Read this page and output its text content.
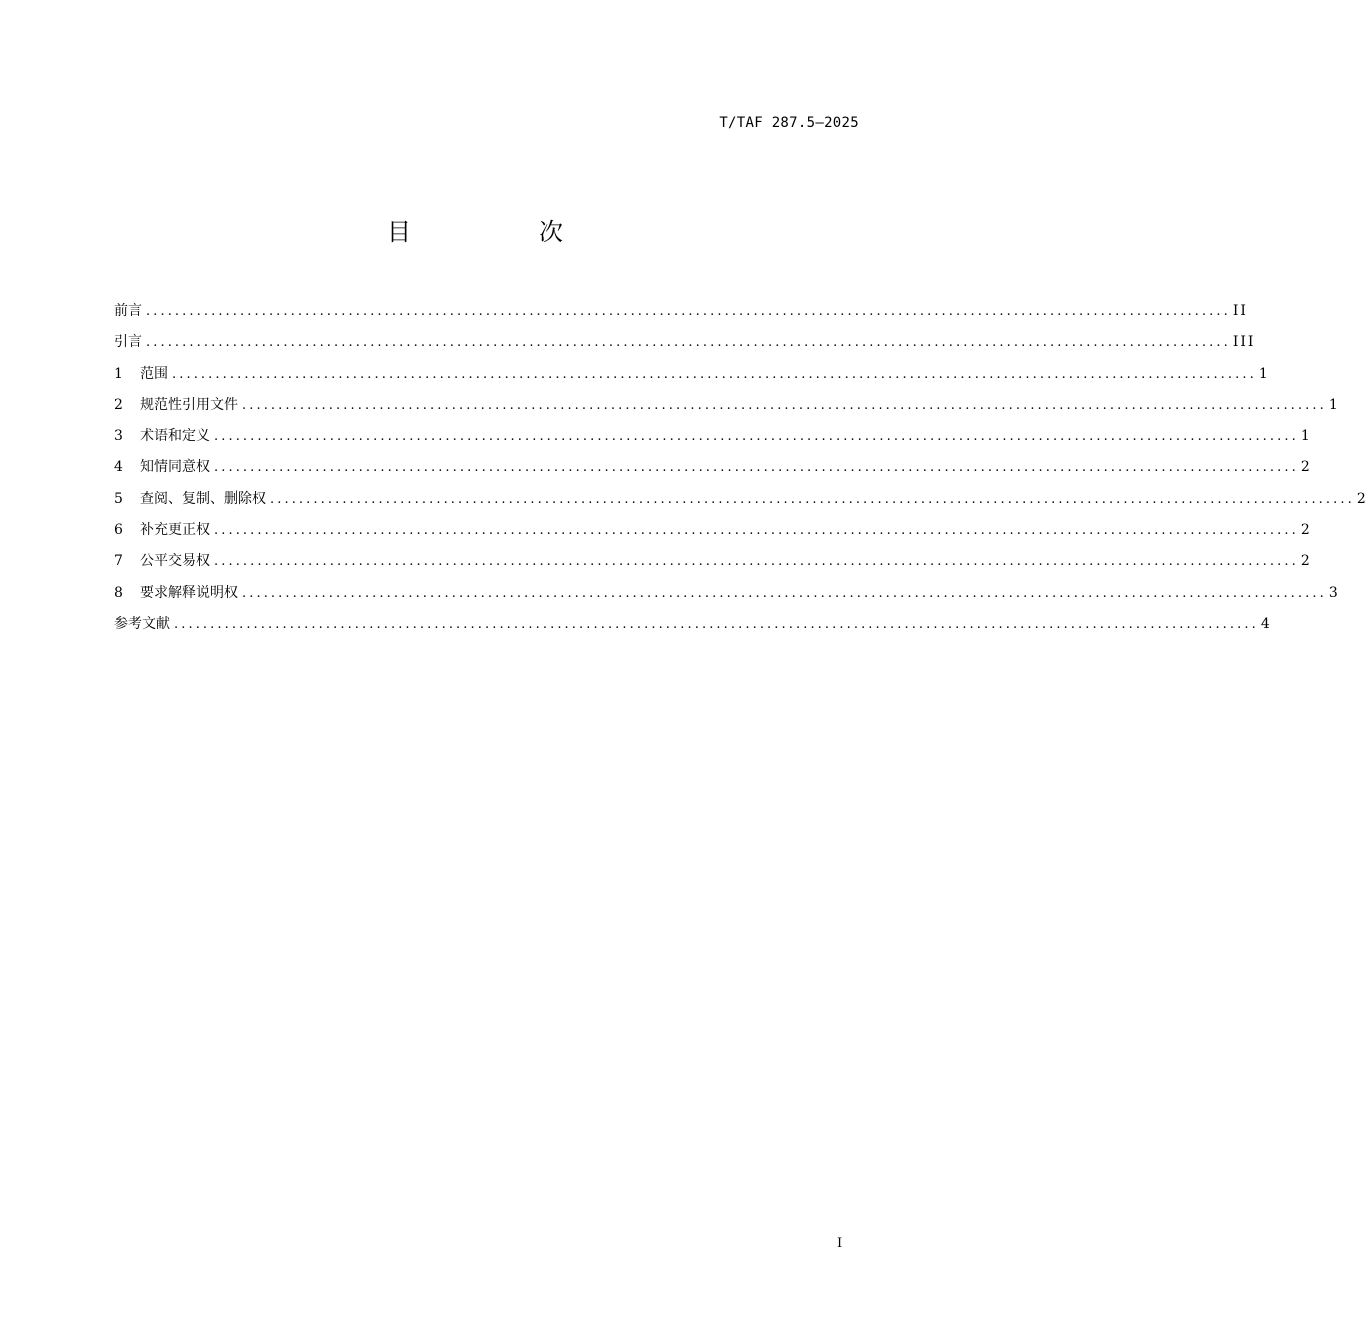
T/TAF 287.5—2025
目　次
前言 ...................................................................................................................................................... II
引言 ...................................................................................................................................................... III
1	范围 ...................................................................................................................................................... 1
2	规范性引用文件 ...................................................................................................................................................... 1
3	术语和定义 ...................................................................................................................................................... 1
4	知情同意权 ...................................................................................................................................................... 2
5	查阅、复制、删除权 ...................................................................................................................................................... 2
6	补充更正权 ...................................................................................................................................................... 2
7	公平交易权 ...................................................................................................................................................... 2
8	要求解释说明权 ...................................................................................................................................................... 3
参考文献 ...................................................................................................................................................... 4
I
